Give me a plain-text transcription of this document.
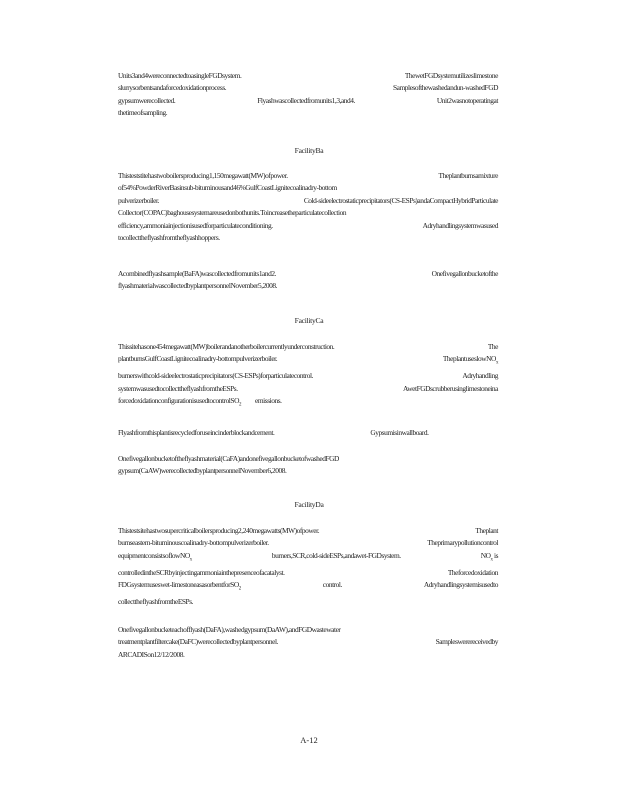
Units3and4wereconnectedtoasingleFGDsystem.	ThewetFGDsystemutilizeslimestone
slurrysorbentsandaforcedoxidationprocess.	Samplesofthewashedandun-washedFGD
gypsumwerecollected.	Flyashwascollectedfromunits1,3,and4.	Unit2wasnotoperatingat
thetimeofsampling.
FacilityBa
Thisteststitehastwoboilersproducing1,150megawatt(MW)ofpower.	Theplantburnsamixture
of54%PowderRiverBasinsub-bituminousand46%GulfCoastLignitecoalinadry-bottom
pulverizerboiler.	Cold-sideelectrostaticprecipitators(CS-ESPs)andaCompactHybridParticulate
Collector(COPAC)baghousesystemareusedonbothunits.Toincreasetheparticulatecollection
efficiency,ammoniainjectionisusedforparticulateconditioning.	Adryhandlingsystemwasused
tocollecttheflyashfromtheflyashhoppers.
Acombinedflyashsample(BaFA)wascollectedfromunits1and2.	Onefivegallonbucketofthe
flyashmaterialwascollectedbyplantpersonnelNovember5,2008.
FacilityCa
Thissitehasone454megawatt(MW)boilerandanotherboilercurrentlyunderconstruction.	The
plantburnsGulfCoastLignitecoalinadry-bottompulverizerboiler.	TheplantuseslowNO$_x$
burnerswithcold-sideelectrostaticprecipitators(CS-ESPs)forparticulatecontrol.	Adryhandling
systemwasusedtocollecttheflyashfromtheESPs.	AwetFGDscrubberusinglimestoneina
forcedoxidationconfigurationisusedtocontrolSO$_2$ emissions.
Flyashfromthisplantisrecycledforuseincinderblockandcement.	Gypsumisinwallboard.
Onefivegallonbucketoftheflyashmaterial(CaFA)andonefivegallonbucketofwashedFGD
gypsum(CaAW)werecollectedbyplantpersonnelNovember6,2008.
FacilityDa
Thistestsitehastwosupercriticalboilersproducing2,240megawatts(MW)ofpower.	Theplant
burnseastern-bituminouscoalinadry-bottompulverizerboiler.	Theprimarypollutioncontrol
equipmentconsistsoflowNO$_x$	burners,SCR,cold-sideESPs,andawet-FGDsystem.	$NO_x$ is
controlledintheSCRbyinjectingammoniainthepresenceofacatalyst.	Theforcedoxidation
FDGsystemuseswet-limestoneasasorbentforSO$_2$	control.	Adryhandlingsystemisusedto
collecttheflyashfromtheESPs.
Onefivegallonbucketeachofflyash(DaFA),washedgypsum(DaAW),andFGDwastewater
treatmentplantfiltercake(DaFC)werecollectedbyplantpersonnel.	Sampleswerereceivedby
ARCADISon12/12/2008.
A-12
